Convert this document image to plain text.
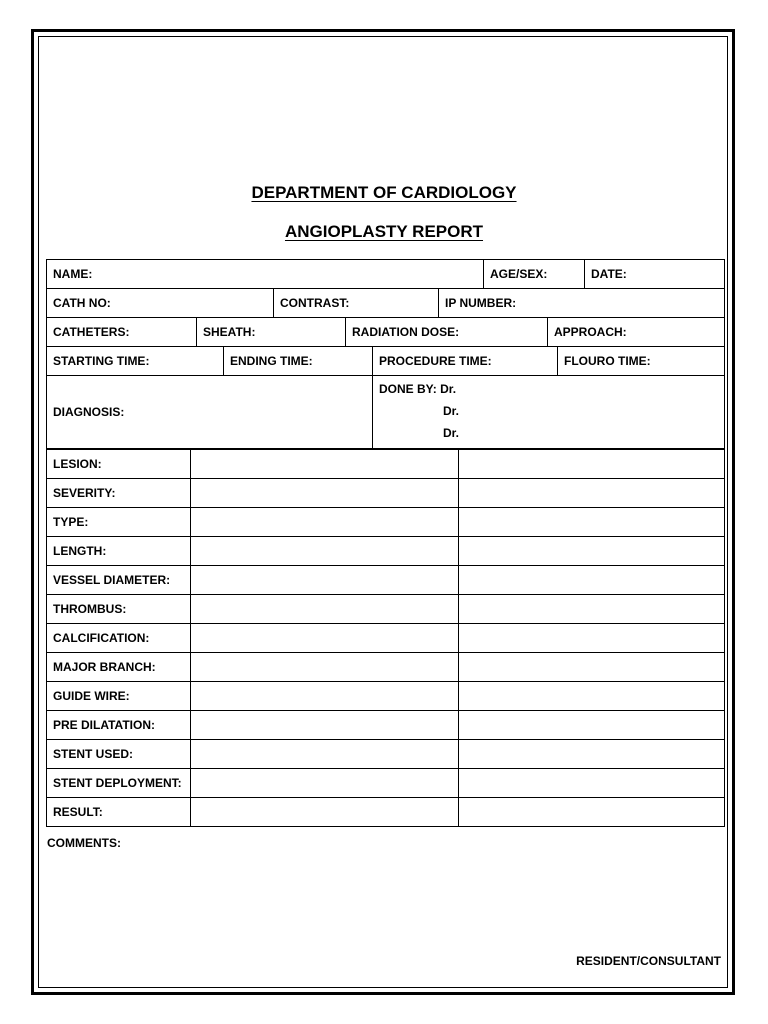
DEPARTMENT OF CARDIOLOGY
ANGIOPLASTY REPORT
NAME:	AGE/SEX:	DATE:
CATH NO:	CONTRAST:	IP NUMBER:
CATHETERS:	SHEATH:	RADIATION DOSE:	APPROACH:
STARTING TIME:	ENDING TIME:	PROCEDURE TIME:	FLOURO TIME:
DIAGNOSIS:	
DONE BY: Dr.
Dr.
Dr.
LESION:		
SEVERITY:		
TYPE:		
LENGTH:		
VESSEL DIAMETER:		
THROMBUS:		
CALCIFICATION:		
MAJOR BRANCH:		
GUIDE WIRE:		
PRE DILATATION:		
STENT USED:		
STENT DEPLOYMENT:		
RESULT:		
COMMENTS:
RESIDENT/CONSULTANT
